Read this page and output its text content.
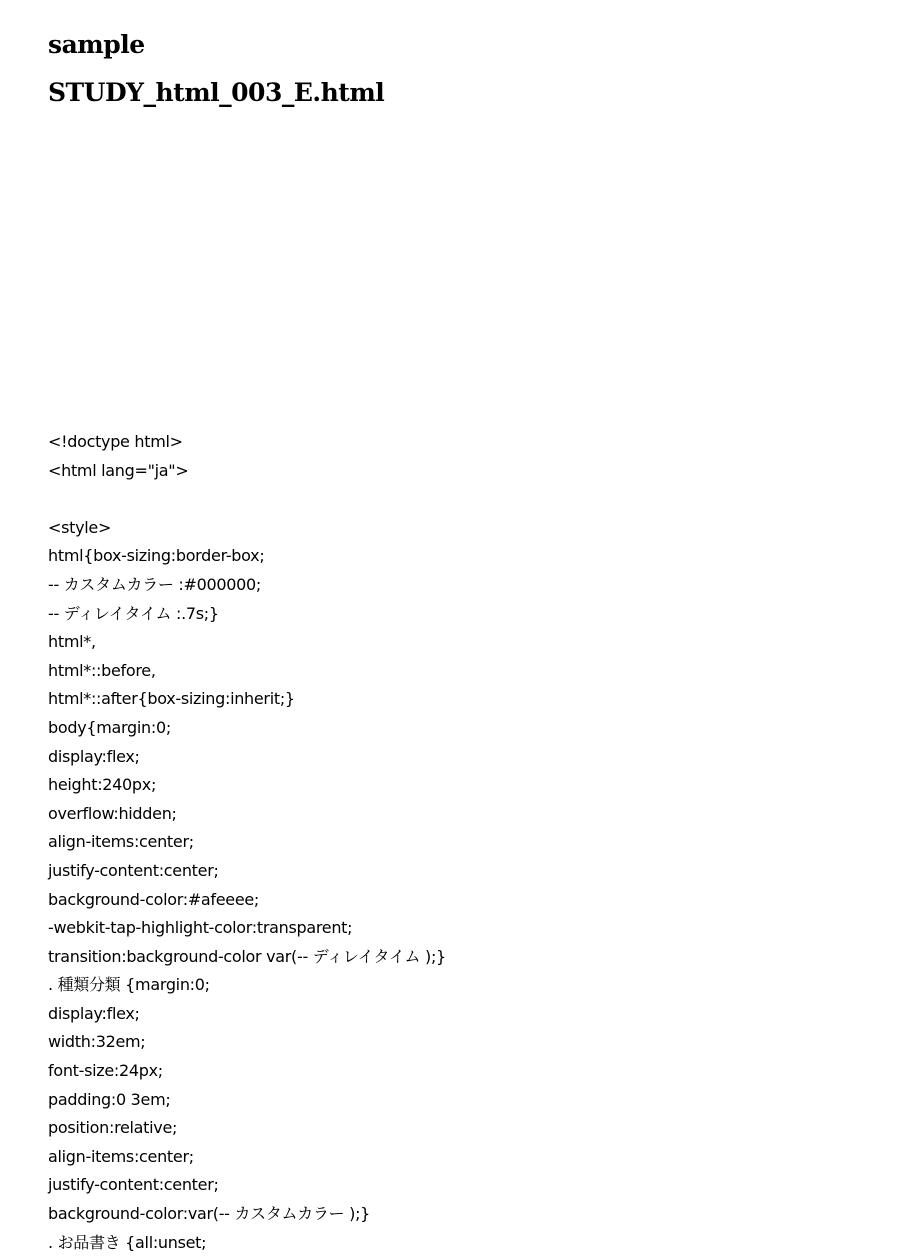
sample
STUDY_html_003_E.html
<!doctype html>
<html lang="ja">
<style>
html{box-sizing:border-box;
-- カスタムカラー :#000000;
-- ディレイタイム :.7s;}
html*,
html*::before,
html*::after{box-sizing:inherit;}
body{margin:0;
display:flex;
height:240px;
overflow:hidden;
align-items:center;
justify-content:center;
background-color:#afeeee;
-webkit-tap-highlight-color:transparent;
transition:background-color var(-- ディレイタイム );}
. 種類分類 {margin:0;
display:flex;
width:32em;
font-size:24px;
padding:0 3em;
position:relative;
align-items:center;
justify-content:center;
background-color:var(-- カスタムカラー );}
. お品書き {all:unset;
